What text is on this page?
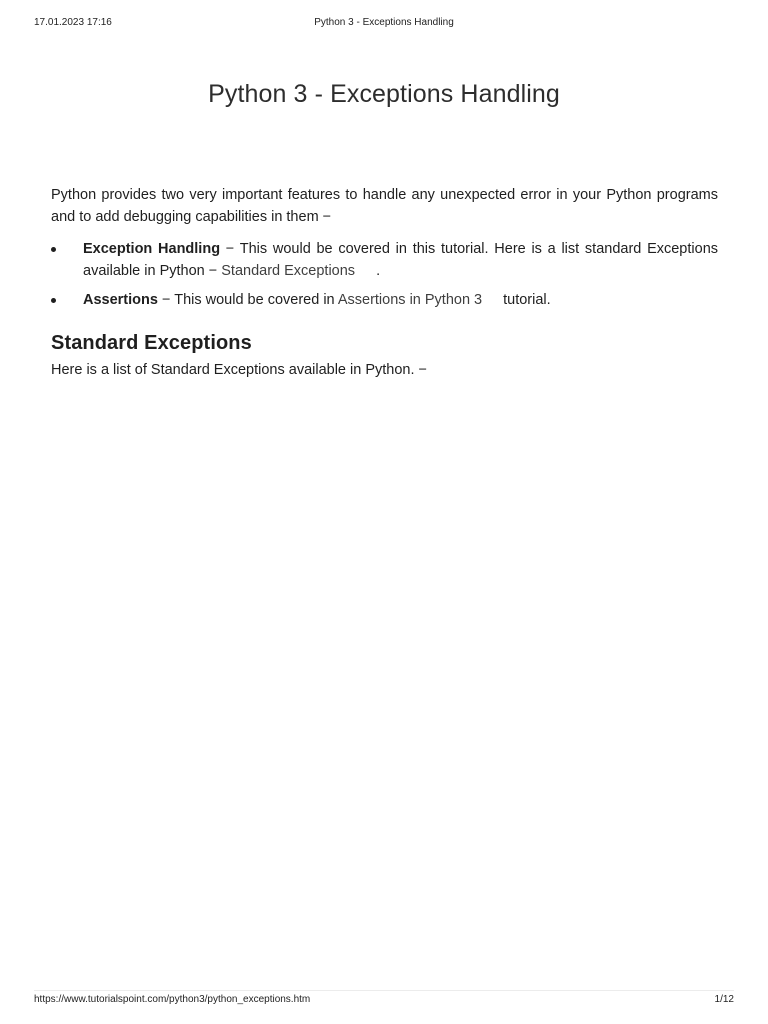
17.01.2023 17:16	Python 3 - Exceptions Handling
Python 3 - Exceptions Handling

Python provides two very important features to handle any unexpected error in your Python programs and to add debugging capabilities in them −

Exception Handling − This would be covered in this tutorial. Here is a list standard Exceptions available in Python − Standard Exceptions .
Assertions − This would be covered in Assertions in Python 3 tutorial.
Standard Exceptions

Here is a list of Standard Exceptions available in Python. −

https://www.tutorialspoint.com/python3/python_exceptions.htm	1/12
